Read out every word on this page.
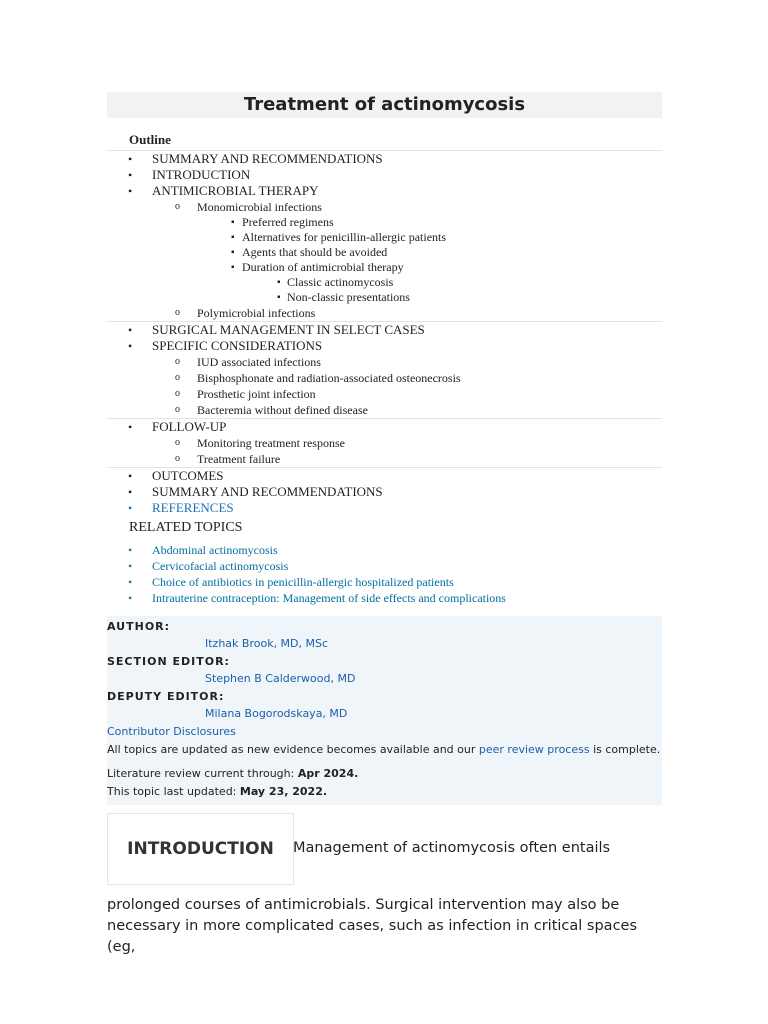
Treatment of actinomycosis
Outline
• SUMMARY AND RECOMMENDATIONS
• INTRODUCTION
• ANTIMICROBIAL THERAPY
o Monomicrobial infections
▪ Preferred regimens
▪ Alternatives for penicillin-allergic patients
▪ Agents that should be avoided
▪ Duration of antimicrobial therapy
▪ Classic actinomycosis
▪ Non-classic presentations
o Polymicrobial infections
• SURGICAL MANAGEMENT IN SELECT CASES
• SPECIFIC CONSIDERATIONS
o IUD associated infections
o Bisphosphonate and radiation-associated osteonecrosis
o Prosthetic joint infection
o Bacteremia without defined disease
• FOLLOW-UP
o Monitoring treatment response
o Treatment failure
• OUTCOMES
• SUMMARY AND RECOMMENDATIONS
• REFERENCES
RELATED TOPICS
• Abdominal actinomycosis
• Cervicofacial actinomycosis
• Choice of antibiotics in penicillin-allergic hospitalized patients
• Intrauterine contraception: Management of side effects and complications
AUTHOR:
Itzhak Brook, MD, MSc
SECTION EDITOR:
Stephen B Calderwood, MD
DEPUTY EDITOR:
Milana Bogorodskaya, MD
Contributor Disclosures
All topics are updated as new evidence becomes available and our peer review process is complete.
Literature review current through: Apr 2024.
This topic last updated: May 23, 2022.
INTRODUCTION	Management of actinomycosis often entails
prolonged courses of antimicrobials. Surgical intervention may also be necessary in more complicated cases, such as infection in critical spaces (eg,
